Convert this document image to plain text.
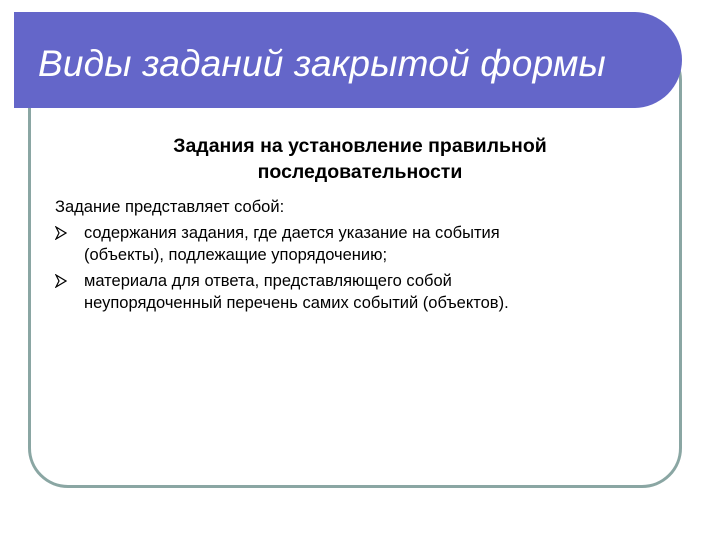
Виды заданий закрытой формы
Задания на установление правильной
последовательности
Задание представляет собой:
содержания задания, где дается указание на события
(объекты), подлежащие упорядочению;
материала для ответа, представляющего собой
неупорядоченный перечень самих событий (объектов).
